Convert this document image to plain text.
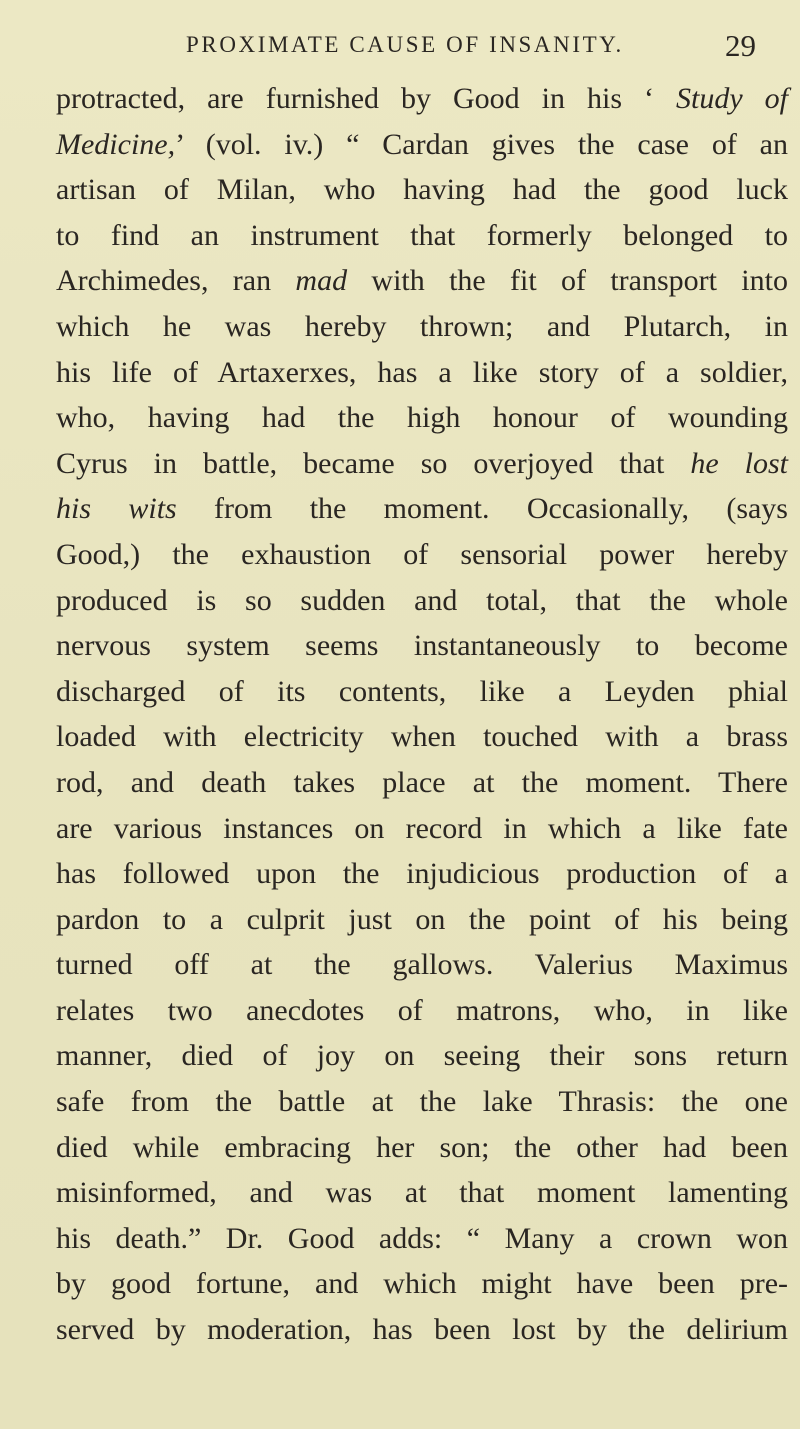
PROXIMATE CAUSE OF INSANITY.	29
protracted, are furnished by Good in his ‘ Study of
Medicine,’ (vol. iv.) “ Cardan gives the case of an
artisan of Milan, who having had the good luck
to find an instrument that formerly belonged to
Archimedes, ran mad with the fit of transport into
which he was hereby thrown; and Plutarch, in
his life of Artaxerxes, has a like story of a soldier,
who, having had the high honour of wounding
Cyrus in battle, became so overjoyed that he lost
his wits from the moment. Occasionally, (says
Good,) the exhaustion of sensorial power hereby
produced is so sudden and total, that the whole
nervous system seems instantaneously to become
discharged of its contents, like a Leyden phial
loaded with electricity when touched with a brass
rod, and death takes place at the moment. There
are various instances on record in which a like fate
has followed upon the injudicious production of a
pardon to a culprit just on the point of his being
turned off at the gallows. Valerius Maximus
relates two anecdotes of matrons, who, in like
manner, died of joy on seeing their sons return
safe from the battle at the lake Thrasis: the one
died while embracing her son; the other had been
misinformed, and was at that moment lamenting
his death.” Dr. Good adds: “ Many a crown won
by good fortune, and which might have been pre-
served by moderation, has been lost by the delirium
